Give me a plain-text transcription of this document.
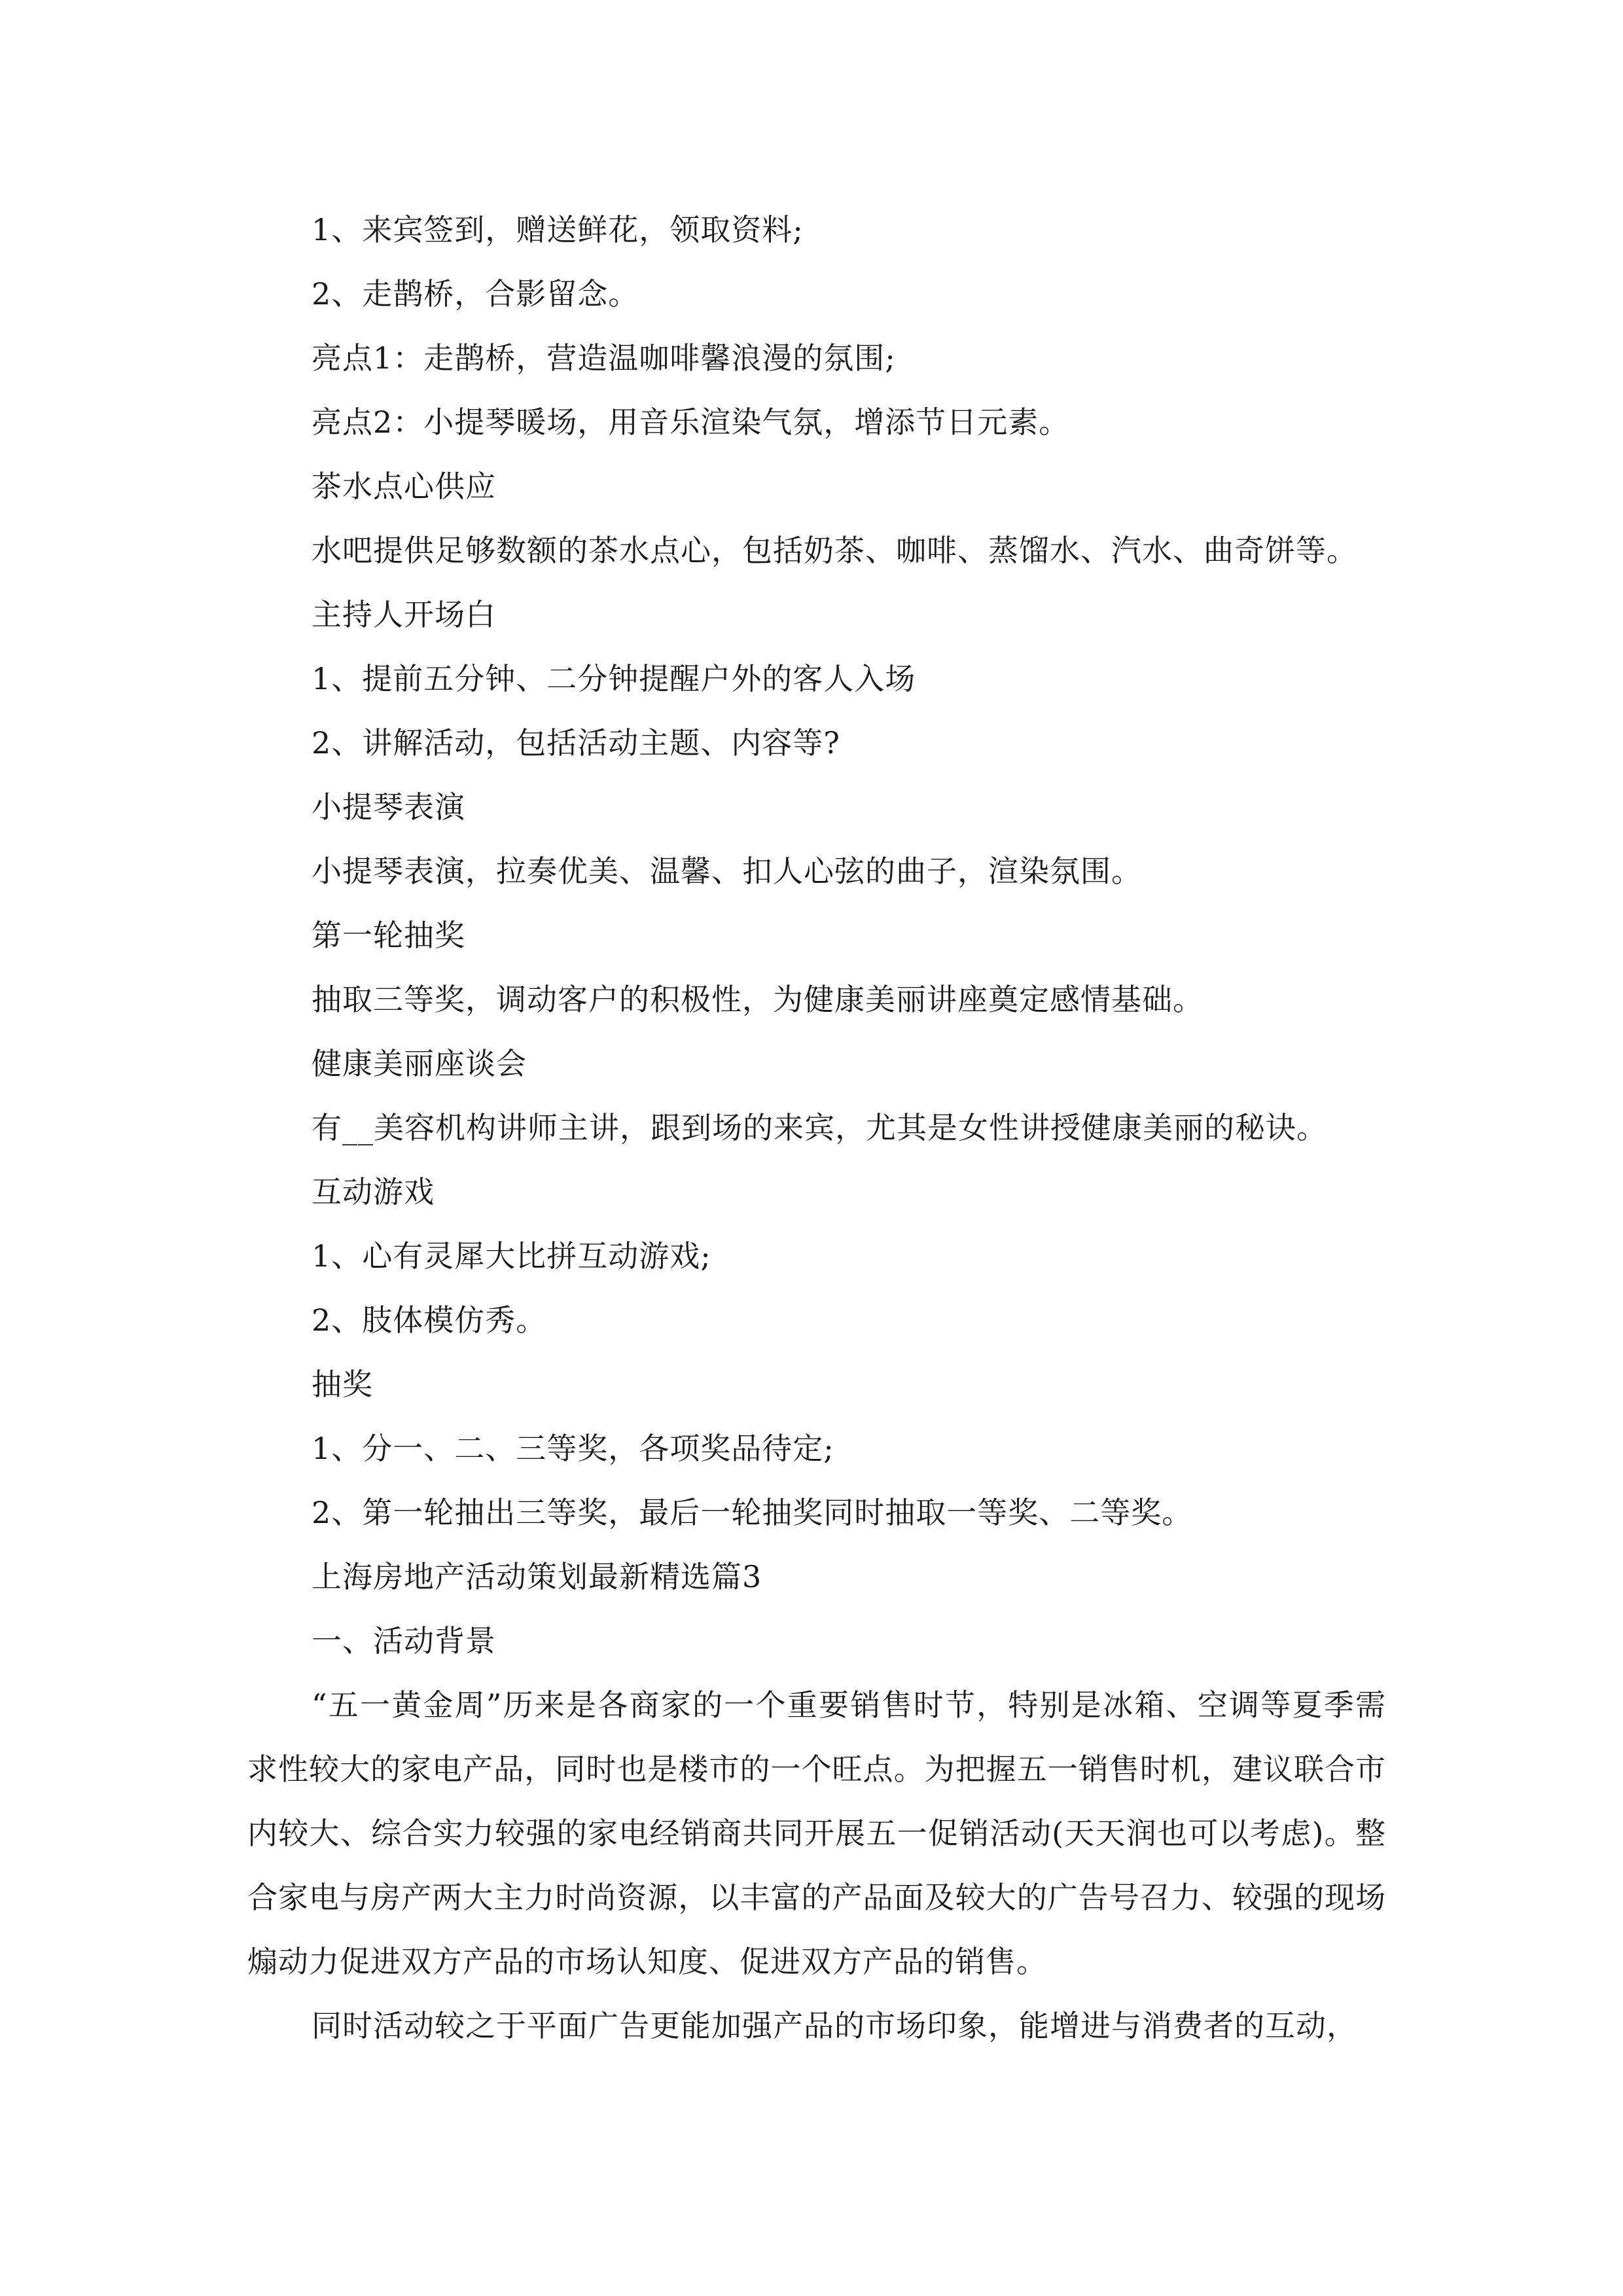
1、来宾签到，赠送鲜花，领取资料;
2、走鹊桥，合影留念。
亮点1：走鹊桥，营造温咖啡馨浪漫的氛围;
亮点2：小提琴暖场，用音乐渲染气氛，增添节日元素。
茶水点心供应
水吧提供足够数额的茶水点心，包括奶茶、咖啡、蒸馏水、汽水、曲奇饼等。
主持人开场白
1、提前五分钟、二分钟提醒户外的客人入场
2、讲解活动，包括活动主题、内容等?
小提琴表演
小提琴表演，拉奏优美、温馨、扣人心弦的曲子，渲染氛围。
第一轮抽奖
抽取三等奖，调动客户的积极性，为健康美丽讲座奠定感情基础。
健康美丽座谈会
有__美容机构讲师主讲，跟到场的来宾，尤其是女性讲授健康美丽的秘诀。
互动游戏
1、心有灵犀大比拼互动游戏;
2、肢体模仿秀。
抽奖
1、分一、二、三等奖，各项奖品待定;
2、第一轮抽出三等奖，最后一轮抽奖同时抽取一等奖、二等奖。
上海房地产活动策划最新精选篇3
一、活动背景

“五一黄金周”历来是各商家的一个重要销售时节，特别是冰箱、空调等夏季需求性较大的家电产品，同时也是楼市的一个旺点。为把握五一销售时机，建议联合市内较大、综合实力较强的家电经销商共同开展五一促销活动(天天润也可以考虑)。整合家电与房产两大主力时尚资源，以丰富的产品面及较大的广告号召力、较强的现场煽动力促进双方产品的市场认知度、促进双方产品的销售。

同时活动较之于平面广告更能加强产品的市场印象，能增进与消费者的互动，
